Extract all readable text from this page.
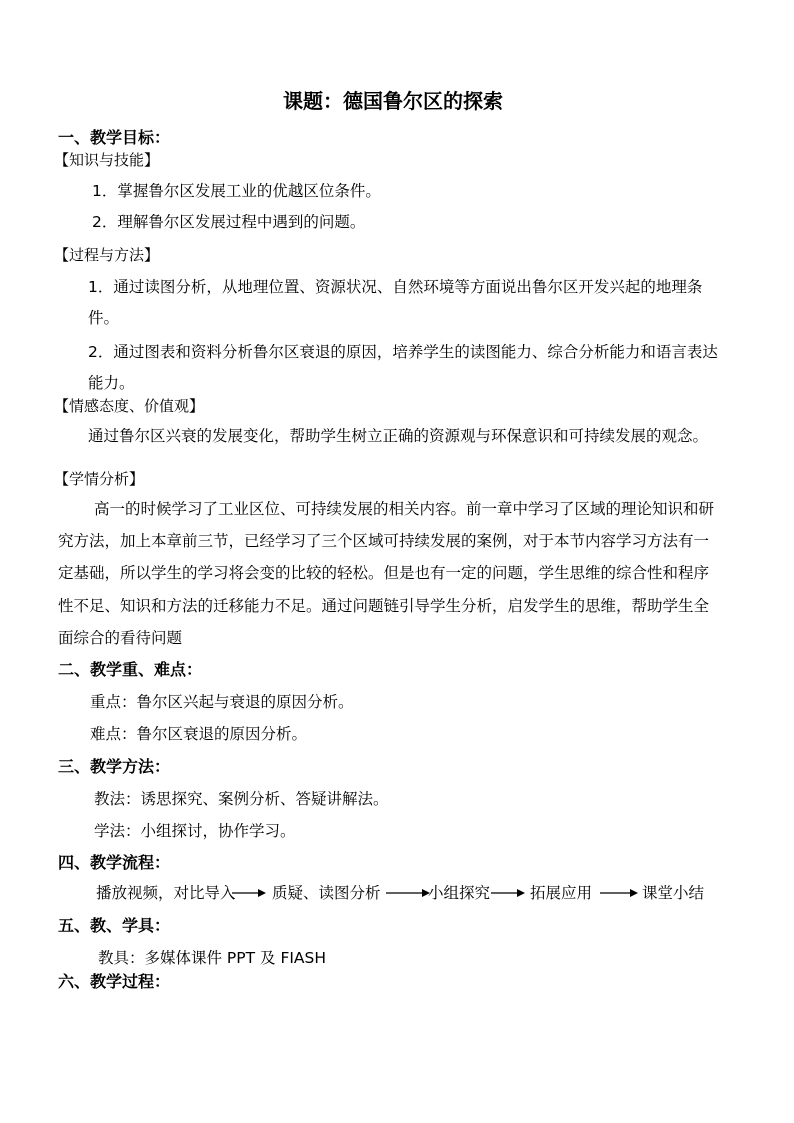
课题：德国鲁尔区的探索
一、教学目标：
【知识与技能】
1．掌握鲁尔区发展工业的优越区位条件。
2．理解鲁尔区发展过程中遇到的问题。
【过程与方法】
1．通过读图分析，从地理位置、资源状况、自然环境等方面说出鲁尔区开发兴起的地理条
件。
2．通过图表和资料分析鲁尔区衰退的原因，培养学生的读图能力、综合分析能力和语言表达
能力。
【情感态度、价值观】
通过鲁尔区兴衰的发展变化，帮助学生树立正确的资源观与环保意识和可持续发展的观念。
【学情分析】
高一的时候学习了工业区位、可持续发展的相关内容。前一章中学习了区域的理论知识和研
究方法，加上本章前三节，已经学习了三个区域可持续发展的案例，对于本节内容学习方法有一
定基础，所以学生的学习将会变的比较的轻松。但是也有一定的问题，学生思维的综合性和程序
性不足、知识和方法的迁移能力不足。通过问题链引导学生分析，启发学生的思维，帮助学生全
面综合的看待问题
二、教学重、难点：
重点：鲁尔区兴起与衰退的原因分析。
难点：鲁尔区衰退的原因分析。
三、教学方法：
教法：诱思探究、案例分析、答疑讲解法。
学法：小组探讨，协作学习。
四、教学流程：
播放视频，对比导入 质疑、读图分析	小组探究	拓展应用	课堂小结
五、教、学具：
教具：多媒体课件 PPT 及 FIASH
六、教学过程：
